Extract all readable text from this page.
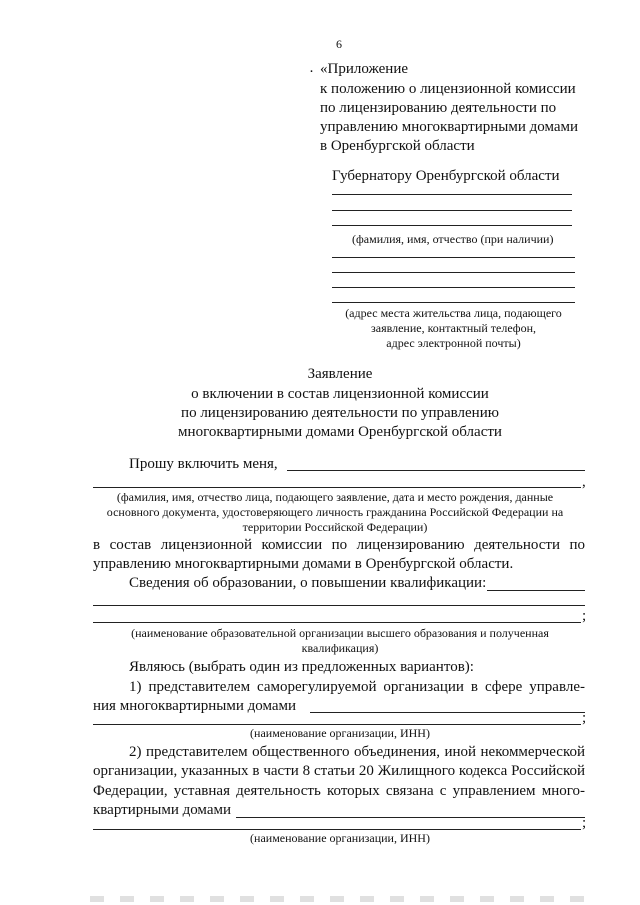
6
· «Приложение
к положению о лицензионной комиссии
по лицензированию деятельности по
управлению многоквартирными домами
в Оренбургской области
Губернатору Оренбургской области
(фамилия, имя, отчество (при наличии)
(адрес места жительства лица, подающего
заявление, контактный телефон,
адрес электронной почты)
Заявление
о включении в состав лицензионной комиссии
по лицензированию деятельности по управлению
многоквартирными домами Оренбургской области
Прошу включить меня,
,
(фамилия, имя, отчество лица, подающего заявление, дата и место рождения, данные
основного документа, удостоверяющего личность гражданина Российской Федерации на
территории Российской Федерации)
в состав лицензионной комиссии по лицензированию деятельности по
управлению многоквартирными домами в Оренбургской области.
Сведения об образовании, о повышении квалификации:
;
(наименование образовательной организации высшего образования и полученная
квалификация)
Являюсь (выбрать один из предложенных вариантов):
1) представителем саморегулируемой организации в сфере управле-
ния многоквартирными домами
;
(наименование организации, ИНН)
2) представителем общественного объединения, иной некоммерческой
организации, указанных в части 8 статьи 20 Жилищного кодекса Российской
Федерации, уставная деятельность которых связана с управлением много-
квартирными домами
;
(наименование организации, ИНН)
